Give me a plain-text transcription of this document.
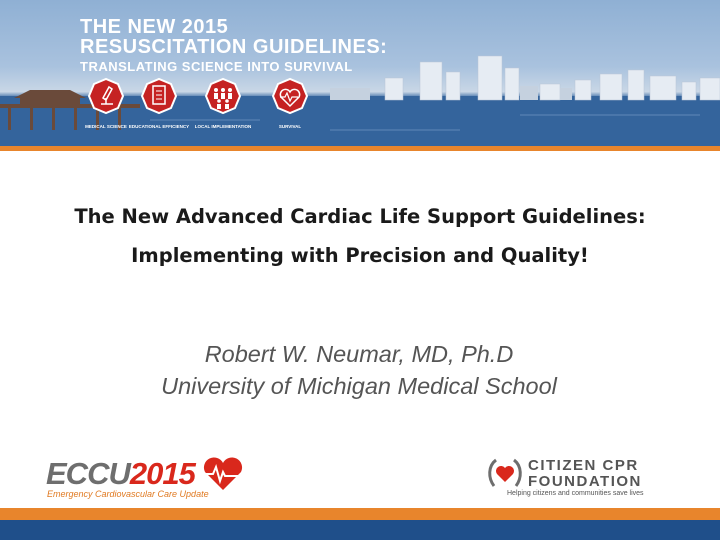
THE NEW 2015
RESUSCITATION GUIDELINES:
TRANSLATING SCIENCE INTO SURVIVAL
MEDICAL SCIENCE EDUCATIONAL EFFICIENCY	LOCAL IMPLEMENTATION	SURVIVAL
The New Advanced Cardiac Life Support Guidelines:
Implementing with Precision and Quality!
Robert W. Neumar, MD, Ph.D
University of Michigan Medical School
ECCU2015
Emergency Cardiovascular Care Update
CITIZEN CPR
FOUNDATION
Helping citizens and communities save lives
